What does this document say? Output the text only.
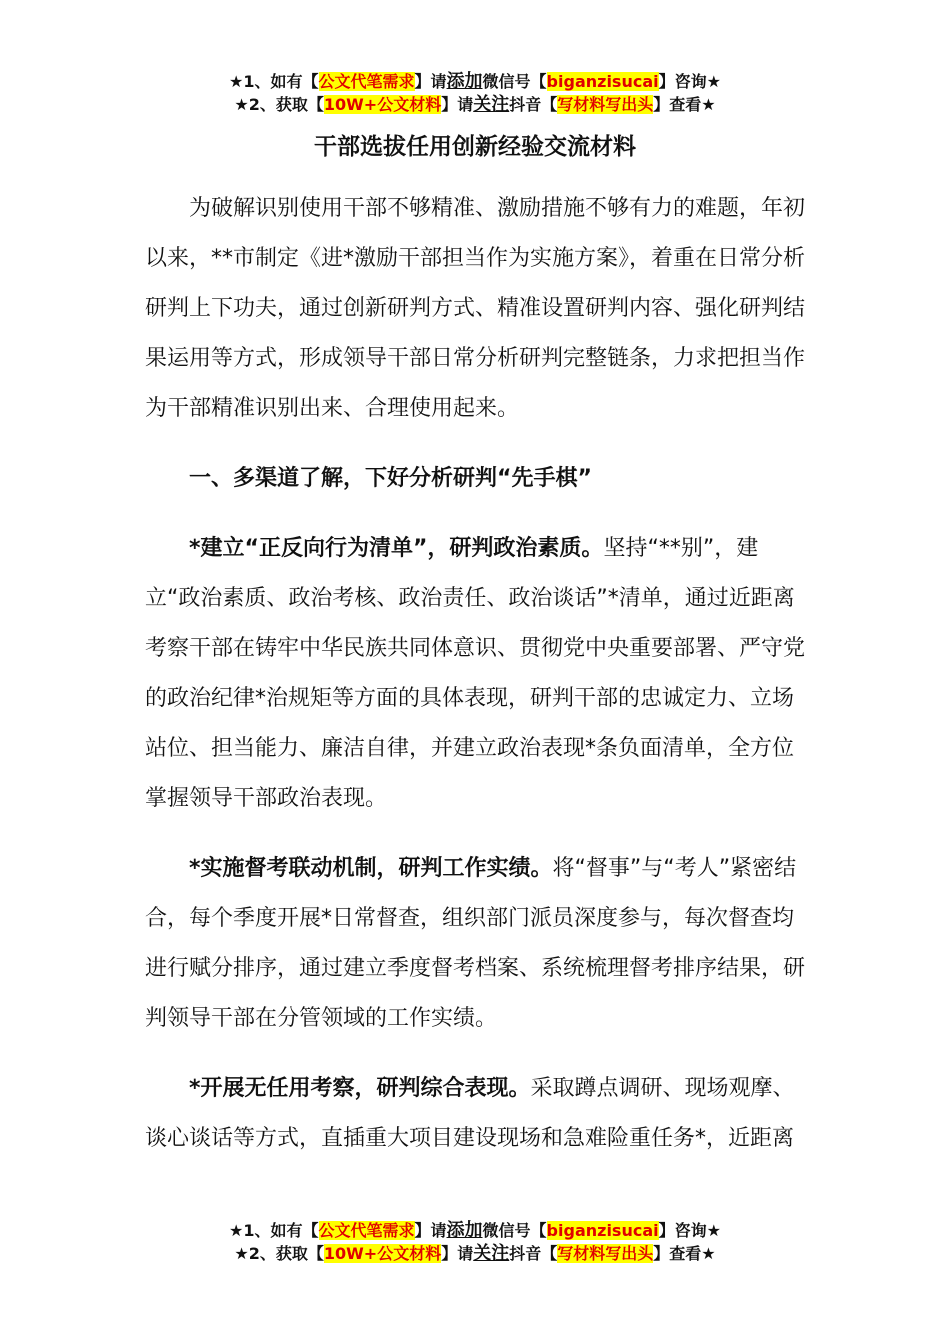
★1、如有【公文代笔需求】请添加微信号【biganzisucai】咨询★
★2、获取【10W+公文材料】请关注抖音【写材料写出头】查看★
干部选拔任用创新经验交流材料

为破解识别使用干部不够精准、激励措施不够有力的难题，年初以来，**市制定《进*激励干部担当作为实施方案》，着重在日常分析研判上下功夫，通过创新研判方式、精准设置研判内容、强化研判结果运用等方式，形成领导干部日常分析研判完整链条，力求把担当作为干部精准识别出来、合理使用起来。

一、多渠道了解，下好分析研判“先手棋”

*建立“正反向行为清单”，研判政治素质。坚持“**别”，建立“政治素质、政治考核、政治责任、政治谈话”*清单，通过近距离考察干部在铸牢中华民族共同体意识、贯彻党中央重要部署、严守党的政治纪律*治规矩等方面的具体表现，研判干部的忠诚定力、立场站位、担当能力、廉洁自律，并建立政治表现*条负面清单，全方位掌握领导干部政治表现。

*实施督考联动机制，研判工作实绩。将“督事”与“考人”紧密结合，每个季度开展*日常督查，组织部门派员深度参与，每次督查均进行赋分排序，通过建立季度督考档案、系统梳理督考排序结果，研判领导干部在分管领域的工作实绩。

*开展无任用考察，研判综合表现。采取蹲点调研、现场观摩、谈心谈话等方式，直插重大项目建设现场和急难险重任务*，近距离

★1、如有【公文代笔需求】请添加微信号【biganzisucai】咨询★
★2、获取【10W+公文材料】请关注抖音【写材料写出头】查看★
